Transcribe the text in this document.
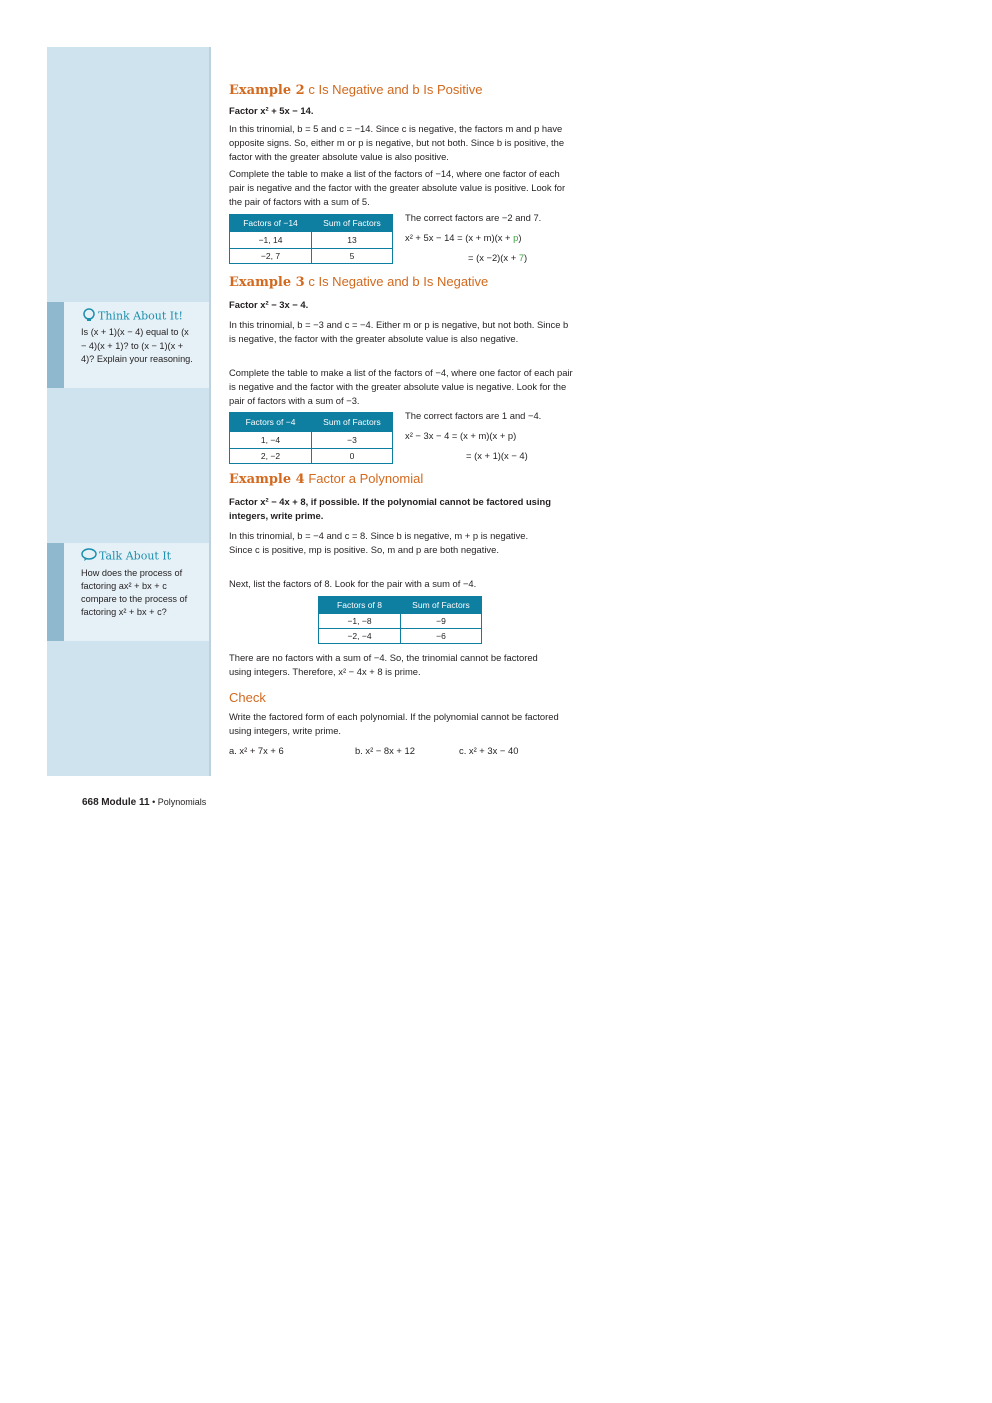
Think About It!
Is (x + 1)(x − 4) equal to (x − 4)(x + 1)? to (x − 1)(x + 4)? Explain your reasoning.
Talk About It
How does the process of factoring ax² + bx + c compare to the process of factoring x² + bx + c?
Example 2 c Is Negative and b Is Positive
Factor x² + 5x − 14.
In this trinomial, b = 5 and c = −14. Since c is negative, the factors m and p have opposite signs. So, either m or p is negative, but not both. Since b is positive, the factor with the greater absolute value is also positive.
Complete the table to make a list of the factors of −14, where one factor of each pair is negative and the factor with the greater absolute value is positive. Look for the pair of factors with a sum of 5.
Factors of −14	Sum of Factors
−1, 14	13
−2, 7	5
The correct factors are −2 and 7.
x² + 5x − 14 = (x + m)(x + p)
= (x −2)(x + 7)
Example 3 c Is Negative and b Is Negative
Factor x² − 3x − 4.
In this trinomial, b = −3 and c = −4. Either m or p is negative, but not both. Since b is negative, the factor with the greater absolute value is also negative.
Complete the table to make a list of the factors of −4, where one factor of each pair is negative and the factor with the greater absolute value is negative. Look for the pair of factors with a sum of −3.
Factors of −4	Sum of Factors
1, −4	−3
2, −2	0
The correct factors are 1 and −4.
x² − 3x − 4 = (x + m)(x + p)
= (x + 1)(x − 4)
Example 4 Factor a Polynomial
Factor x² − 4x + 8, if possible. If the polynomial cannot be factored using integers, write prime.
In this trinomial, b = −4 and c = 8. Since b is negative, m + p is negative. Since c is positive, mp is positive. So, m and p are both negative.
Next, list the factors of 8. Look for the pair with a sum of −4.
Factors of 8	Sum of Factors
−1, −8	−9
−2, −4	−6
There are no factors with a sum of −4. So, the trinomial cannot be factored using integers. Therefore, x² − 4x + 8 is prime.
Check
Write the factored form of each polynomial. If the polynomial cannot be factored using integers, write prime.
a. x² + 7x + 6	b. x² − 8x + 12	c. x² + 3x − 40
668 Module 11 • Polynomials
